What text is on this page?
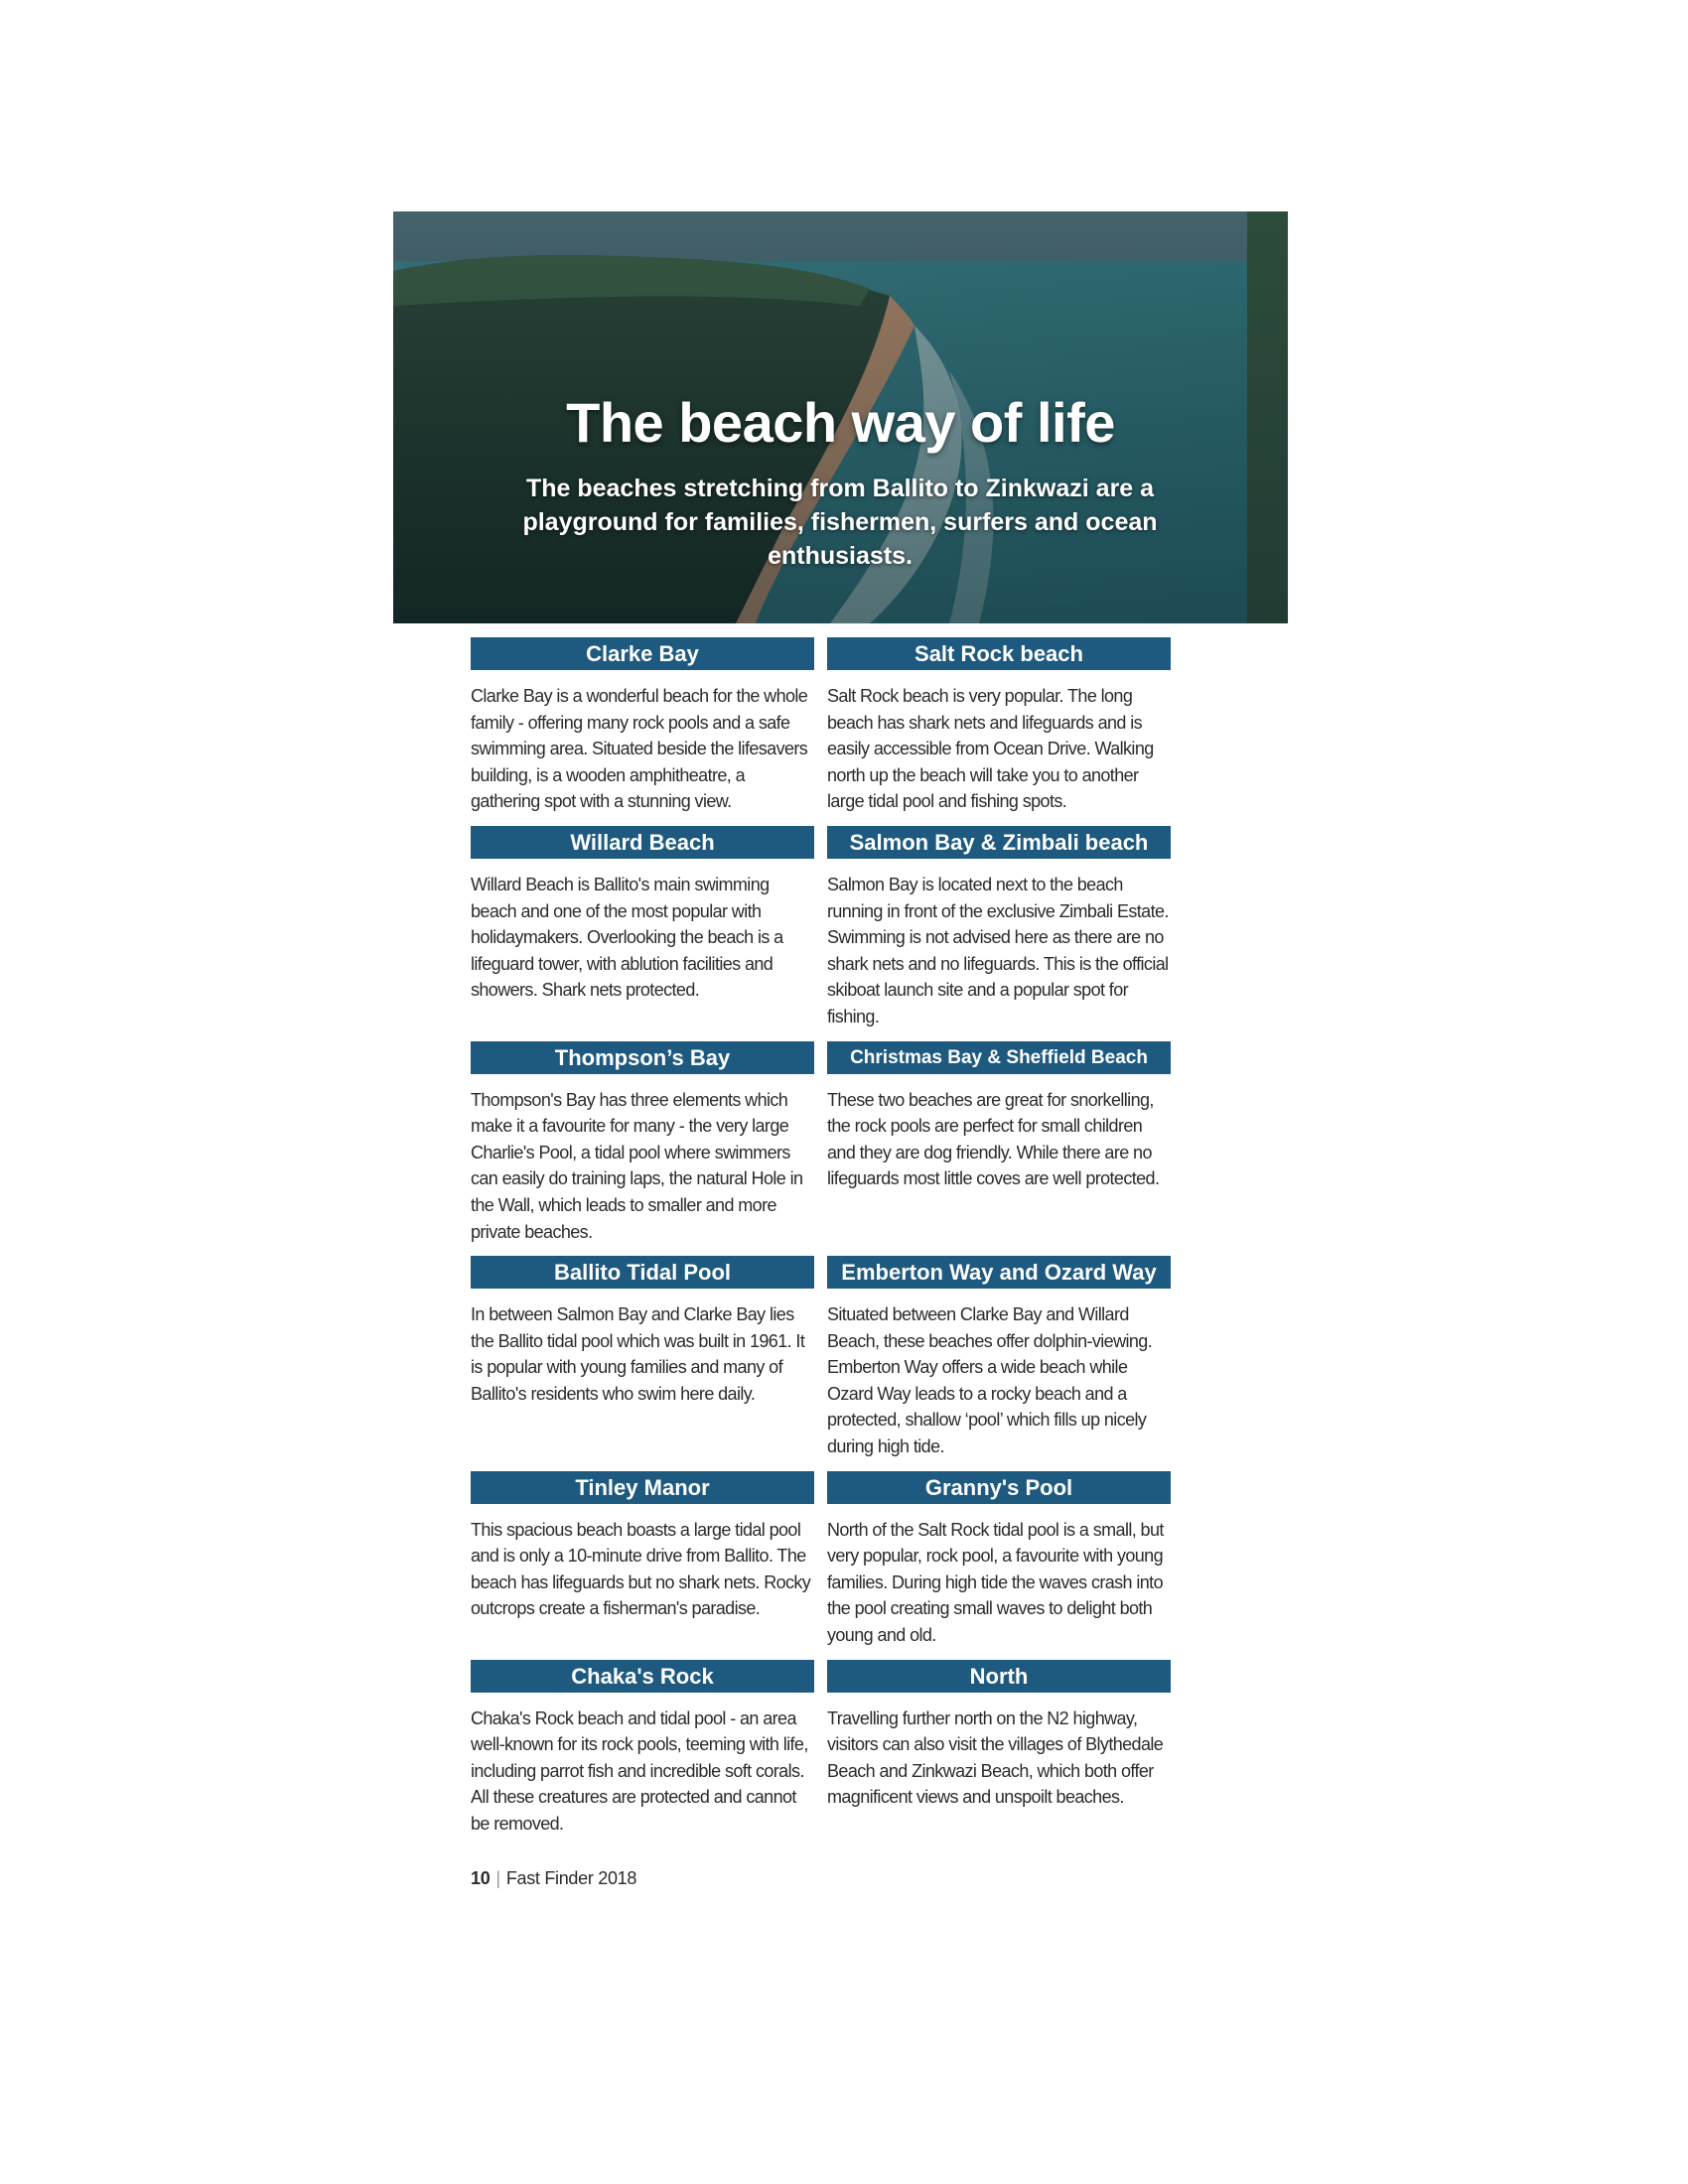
The beach way of life
The beaches stretching from Ballito to Zinkwazi are a playground for families, fishermen, surfers and ocean enthusiasts.
Clarke Bay
Clarke Bay is a wonderful beach for the whole family - offering many rock pools and a safe swimming area. Situated beside the lifesavers building, is a wooden amphitheatre, a gathering spot with a stunning view.
Salt Rock beach
Salt Rock beach is very popular. The long beach has shark nets and lifeguards and is easily accessible from Ocean Drive. Walking north up the beach will take you to another large tidal pool and fishing spots.
Willard Beach
Willard Beach is Ballito's main swimming beach and one of the most popular with holidaymakers. Overlooking the beach is a lifeguard tower, with ablution facilities and showers. Shark nets protected.
Salmon Bay & Zimbali beach
Salmon Bay is located next to the beach running in front of the exclusive Zimbali Estate. Swimming is not advised here as there are no shark nets and no lifeguards. This is the official skiboat launch site and a popular spot for fishing.
Thompson’s Bay
Thompson's Bay has three elements which make it a favourite for many - the very large Charlie's Pool, a tidal pool where swimmers can easily do training laps, the natural Hole in the Wall, which leads to smaller and more private beaches.
Christmas Bay & Sheffield Beach
These two beaches are great for snorkelling, the rock pools are perfect for small children and they are dog friendly. While there are no lifeguards most little coves are well protected.
Ballito Tidal Pool
In between Salmon Bay and Clarke Bay lies the Ballito tidal pool which was built in 1961. It is popular with young families and many of Ballito's residents who swim here daily.
Emberton Way and Ozard Way
Situated between Clarke Bay and Willard Beach, these beaches offer dolphin-viewing. Emberton Way offers a wide beach while Ozard Way leads to a rocky beach and a protected, shallow ‘pool’ which fills up nicely during high tide.
Tinley Manor
This spacious beach boasts a large tidal pool and is only a 10-minute drive from Ballito. The beach has lifeguards but no shark nets. Rocky outcrops create a fisherman's paradise.
Granny's Pool
North of the Salt Rock tidal pool is a small, but very popular, rock pool, a favourite with young families. During high tide the waves crash into the pool creating small waves to delight both young and old.
Chaka's Rock
Chaka's Rock beach and tidal pool - an area well-known for its rock pools, teeming with life, including parrot fish and incredible soft corals. All these creatures are protected and cannot be removed.
North
Travelling further north on the N2 highway, visitors can also visit the villages of Blythedale Beach and Zinkwazi Beach, which both offer magnificent views and unspoilt beaches.
10 | Fast Finder 2018
